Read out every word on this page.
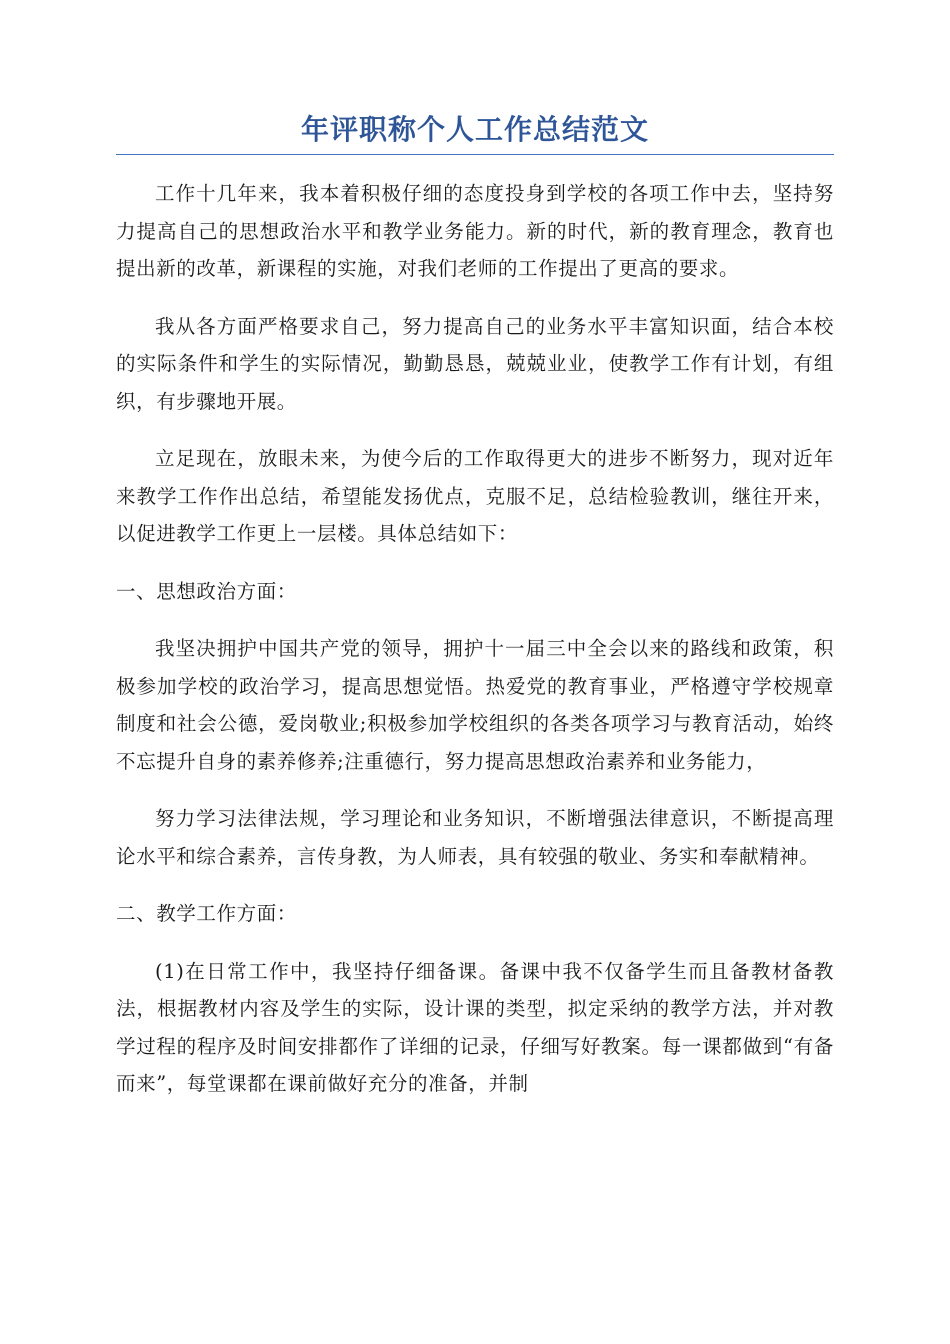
年评职称个人工作总结范文

工作十几年来，我本着积极仔细的态度投身到学校的各项工作中去，坚持努力提高自己的思想政治水平和教学业务能力。新的时代，新的教育理念，教育也提出新的改革，新课程的实施，对我们老师的工作提出了更高的要求。

我从各方面严格要求自己，努力提高自己的业务水平丰富知识面，结合本校的实际条件和学生的实际情况，勤勤恳恳，兢兢业业，使教学工作有计划，有组织，有步骤地开展。

立足现在，放眼未来，为使今后的工作取得更大的进步不断努力，现对近年来教学工作作出总结，希望能发扬优点，克服不足，总结检验教训，继往开来，以促进教学工作更上一层楼。具体总结如下：

一、思想政治方面：

我坚决拥护中国共产党的领导，拥护十一届三中全会以来的路线和政策，积极参加学校的政治学习，提高思想觉悟。热爱党的教育事业，严格遵守学校规章制度和社会公德，爱岗敬业;积极参加学校组织的各类各项学习与教育活动，始终不忘提升自身的素养修养;注重德行，努力提高思想政治素养和业务能力，

努力学习法律法规，学习理论和业务知识，不断增强法律意识，不断提高理论水平和综合素养，言传身教，为人师表，具有较强的敬业、务实和奉献精神。

二、教学工作方面：

(1)在日常工作中，我坚持仔细备课。备课中我不仅备学生而且备教材备教法，根据教材内容及学生的实际，设计课的类型，拟定采纳的教学方法，并对教学过程的程序及时间安排都作了详细的记录，仔细写好教案。每一课都做到“有备而来”，每堂课都在课前做好充分的准备，并制
